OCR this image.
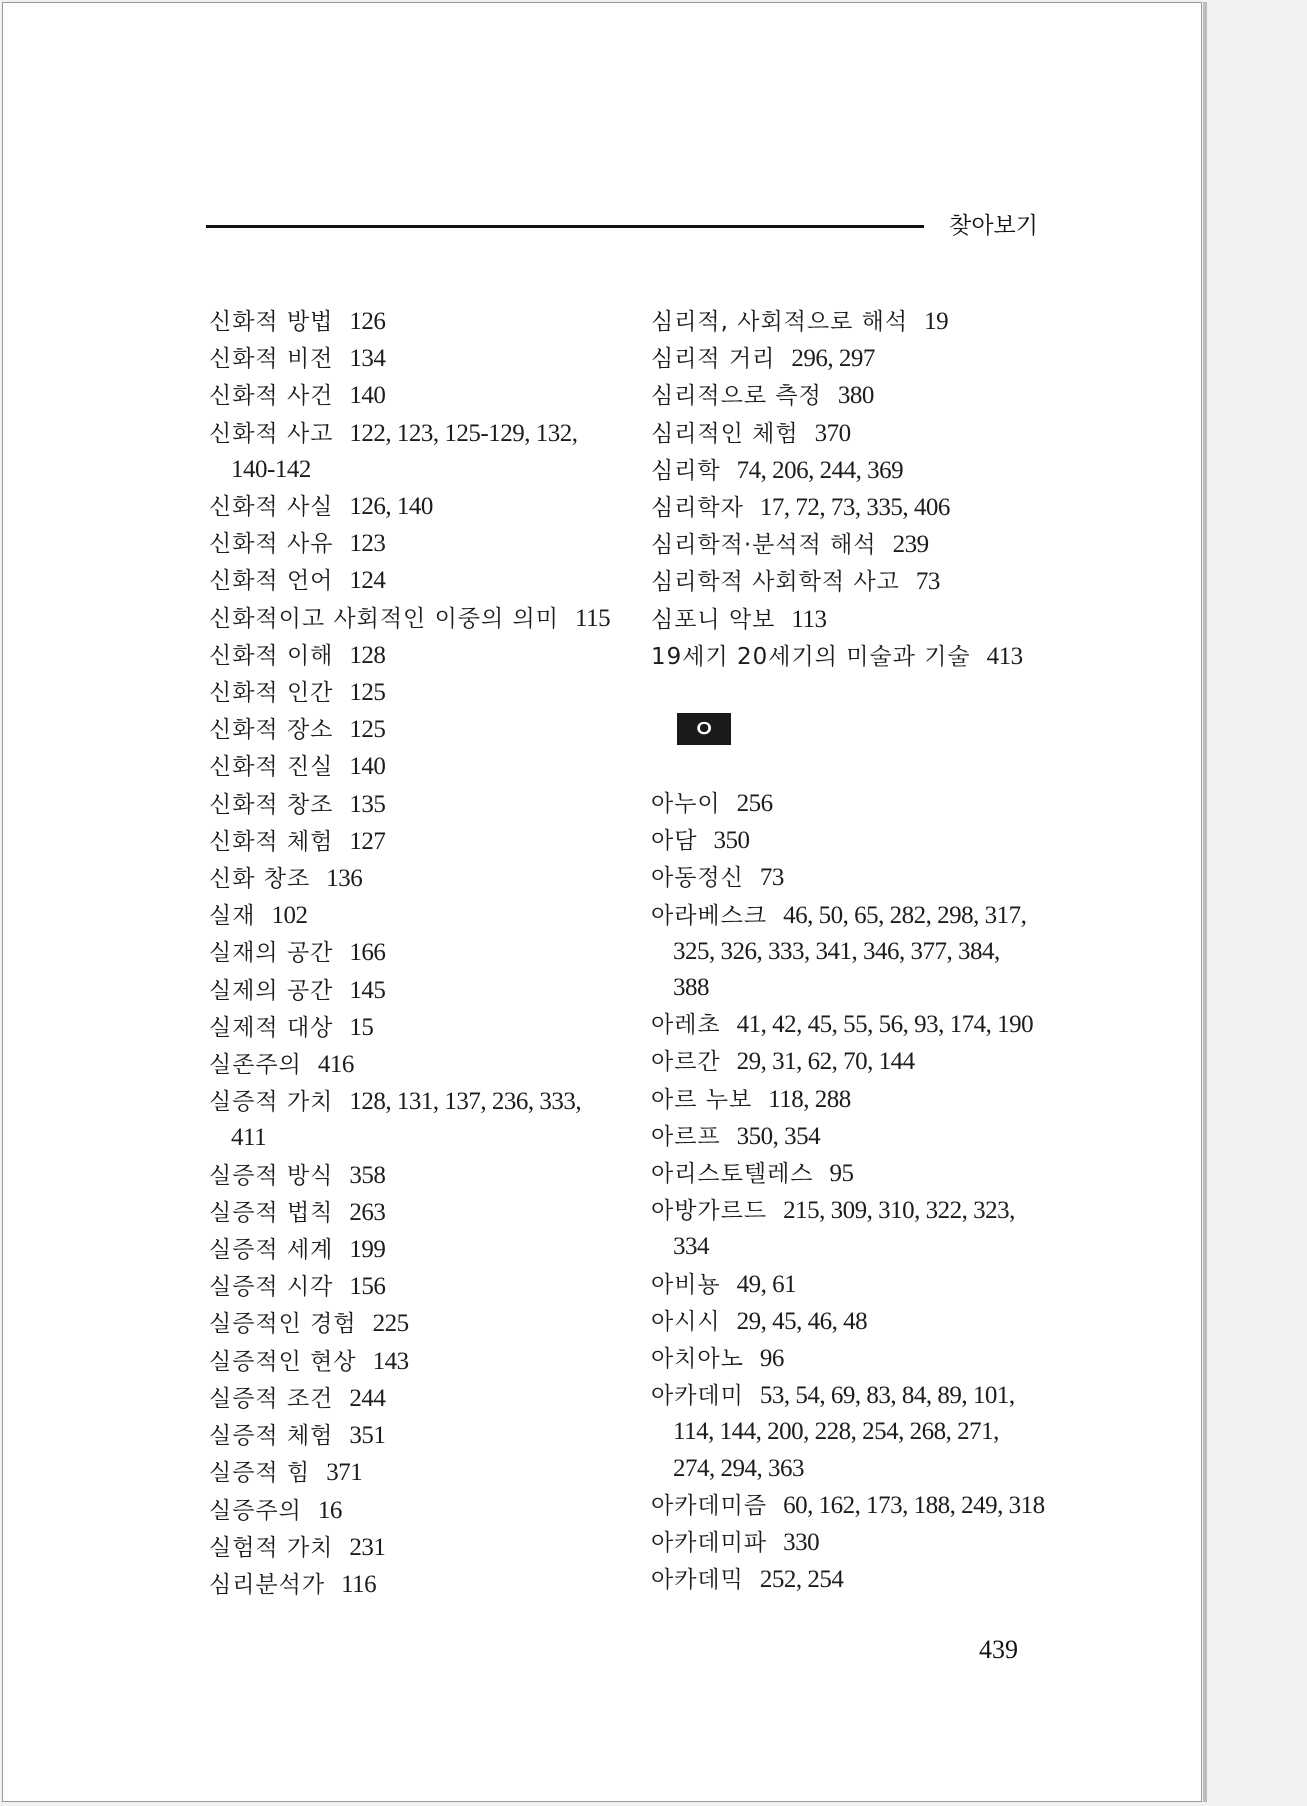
찾아보기
신화적 방법 126
신화적 비전 134
신화적 사건 140
신화적 사고 122, 123, 125-129, 132,
140-142
신화적 사실 126, 140
신화적 사유 123
신화적 언어 124
신화적이고 사회적인 이중의 의미 115
신화적 이해 128
신화적 인간 125
신화적 장소 125
신화적 진실 140
신화적 창조 135
신화적 체험 127
신화 창조 136
실재 102
실재의 공간 166
실제의 공간 145
실제적 대상 15
실존주의 416
실증적 가치 128, 131, 137, 236, 333,
411
실증적 방식 358
실증적 법칙 263
실증적 세계 199
실증적 시각 156
실증적인 경험 225
실증적인 현상 143
실증적 조건 244
실증적 체험 351
실증적 힘 371
실증주의 16
실험적 가치 231
심리분석가 116
심리적, 사회적으로 해석 19
심리적 거리 296, 297
심리적으로 측정 380
심리적인 체험 370
심리학 74, 206, 244, 369
심리학자 17, 72, 73, 335, 406
심리학적·분석적 해석 239
심리학적 사회학적 사고 73
심포니 악보 113
19세기 20세기의 미술과 기술 413
ㅇ
아누이 256
아담 350
아동정신 73
아라베스크 46, 50, 65, 282, 298, 317,
325, 326, 333, 341, 346, 377, 384,
388
아레초 41, 42, 45, 55, 56, 93, 174, 190
아르간 29, 31, 62, 70, 144
아르 누보 118, 288
아르프 350, 354
아리스토텔레스 95
아방가르드 215, 309, 310, 322, 323,
334
아비뇽 49, 61
아시시 29, 45, 46, 48
아치아노 96
아카데미 53, 54, 69, 83, 84, 89, 101,
114, 144, 200, 228, 254, 268, 271,
274, 294, 363
아카데미즘 60, 162, 173, 188, 249, 318
아카데미파 330
아카데믹 252, 254
439
